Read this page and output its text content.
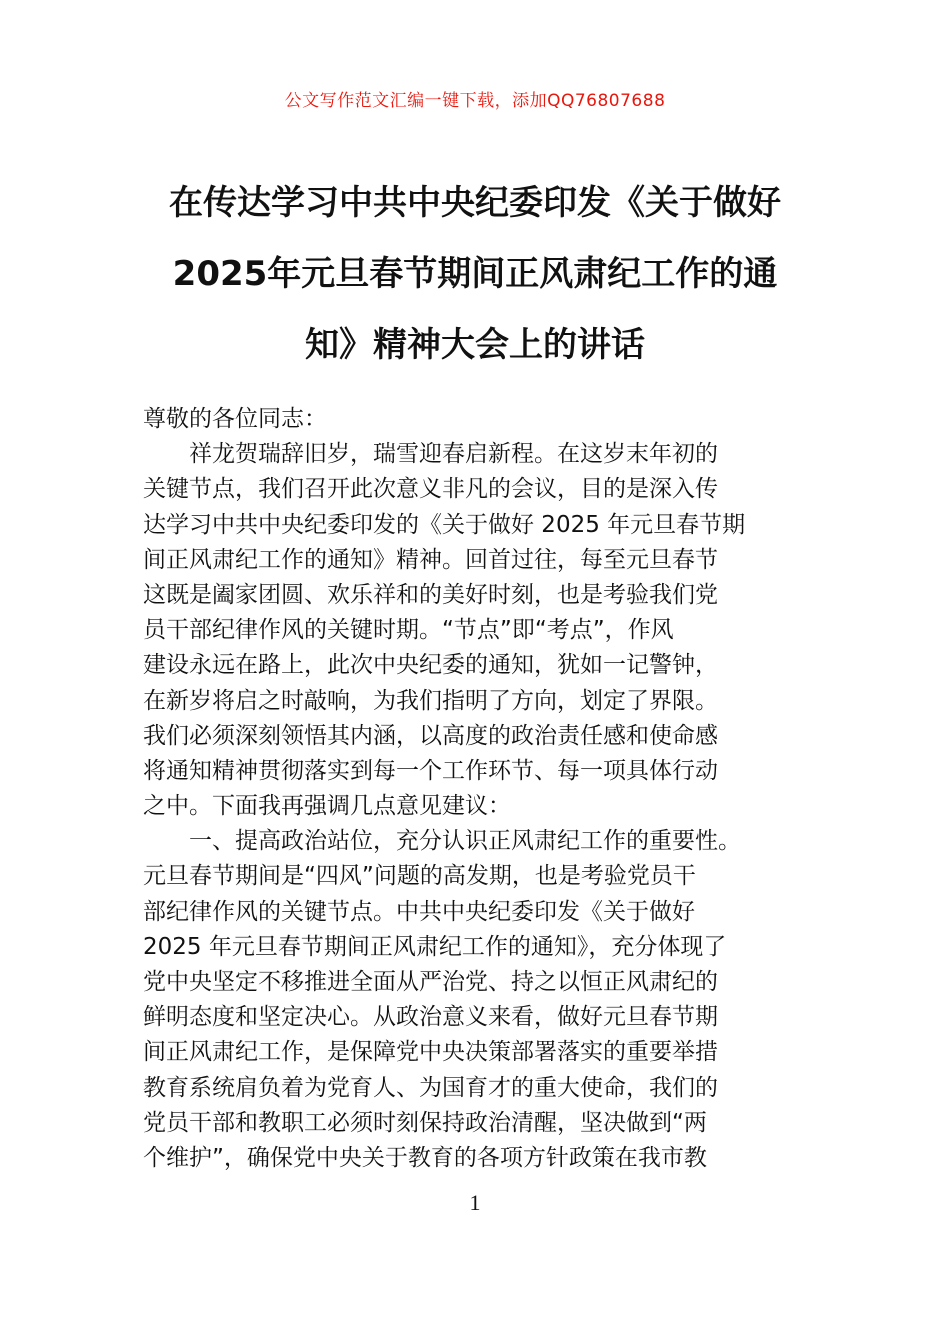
公文写作范文汇编一键下载，添加QQ76807688
在传达学习中共中央纪委印发《关于做好
2025年元旦春节期间正风肃纪工作的通
知》精神大会上的讲话
尊敬的各位同志：
祥龙贺瑞辞旧岁，瑞雪迎春启新程。在这岁末年初的
关键节点，我们召开此次意义非凡的会议，目的是深入传
达学习中共中央纪委印发的《关于做好 2025 年元旦春节期
间正风肃纪工作的通知》精神。回首过往，每至元旦春节
这既是阖家团圆、欢乐祥和的美好时刻，也是考验我们党
员干部纪律作风的关键时期。“节点”即“考点”，作风
建设永远在路上，此次中央纪委的通知，犹如一记警钟，
在新岁将启之时敲响，为我们指明了方向，划定了界限。
我们必须深刻领悟其内涵，以高度的政治责任感和使命感
将通知精神贯彻落实到每一个工作环节、每一项具体行动
之中。下面我再强调几点意见建议：
一、提高政治站位，充分认识正风肃纪工作的重要性。
元旦春节期间是“四风”问题的高发期，也是考验党员干
部纪律作风的关键节点。中共中央纪委印发《关于做好
2025 年元旦春节期间正风肃纪工作的通知》，充分体现了
党中央坚定不移推进全面从严治党、持之以恒正风肃纪的
鲜明态度和坚定决心。从政治意义来看，做好元旦春节期
间正风肃纪工作，是保障党中央决策部署落实的重要举措
教育系统肩负着为党育人、为国育才的重大使命，我们的
党员干部和教职工必须时刻保持政治清醒，坚决做到“两
个维护”，确保党中央关于教育的各项方针政策在我市教
1
